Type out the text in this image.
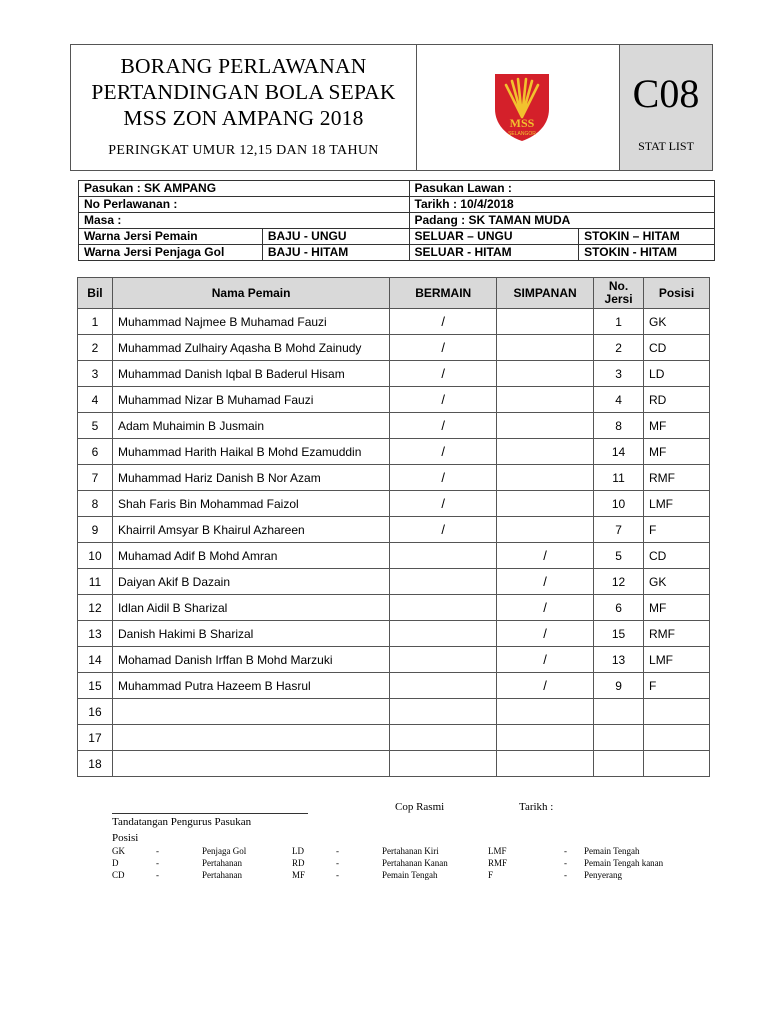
BORANG PERLAWANAN
PERTANDINGAN BOLA SEPAK
MSS ZON AMPANG 2018
PERINGKAT UMUR 12,15 DAN 18 TAHUN
MSS
SELANGOR
C08
STAT LIST
Pasukan : SK AMPANG		Pasukan Lawan :	
No Perlawanan :		Tarikh : 10/4/2018	
Masa :		Padang : SK TAMAN MUDA	
Warna Jersi Pemain	BAJU - UNGU	SELUAR – UNGU	STOKIN – HITAM
Warna Jersi Penjaga Gol	BAJU - HITAM	SELUAR - HITAM	STOKIN - HITAM
Bil	Nama Pemain	BERMAIN	SIMPANAN	No. Jersi	Posisi
1	Muhammad Najmee B Muhamad Fauzi	/		1	GK
2	Muhammad Zulhairy Aqasha B Mohd Zainudy	/		2	CD
3	Muhammad Danish Iqbal B Baderul Hisam	/		3	LD
4	Muhammad Nizar B Muhamad Fauzi	/		4	RD
5	Adam Muhaimin B Jusmain	/		8	MF
6	Muhammad Harith Haikal B Mohd Ezamuddin	/		14	MF
7	Muhammad Hariz Danish B Nor Azam	/		11	RMF
8	Shah Faris Bin Mohammad Faizol	/		10	LMF
9	Khairril Amsyar B Khairul Azhareen	/		7	F
10	Muhamad Adif B Mohd Amran		/	5	CD
11	Daiyan Akif B Dazain		/	12	GK
12	Idlan Aidil B Sharizal		/	6	MF
13	Danish Hakimi B Sharizal		/	15	RMF
14	Mohamad Danish Irffan B Mohd Marzuki		/	13	LMF
15	Muhammad Putra Hazeem B Hasrul		/	9	F
16					
17					
18					
Tandatangan Pengurus Pasukan
Cop Rasmi	Tarikh :
Posisi
GK	-	Penjaga Gol	LD	-	Pertahanan Kiri	LMF	- Pemain Tengah
D	-	Pertahanan	RD	-	Pertahanan Kanan	RMF	- Pemain Tengah kanan
CD	-	Pertahanan	MF	-	Pemain Tengah	F	- Penyerang
